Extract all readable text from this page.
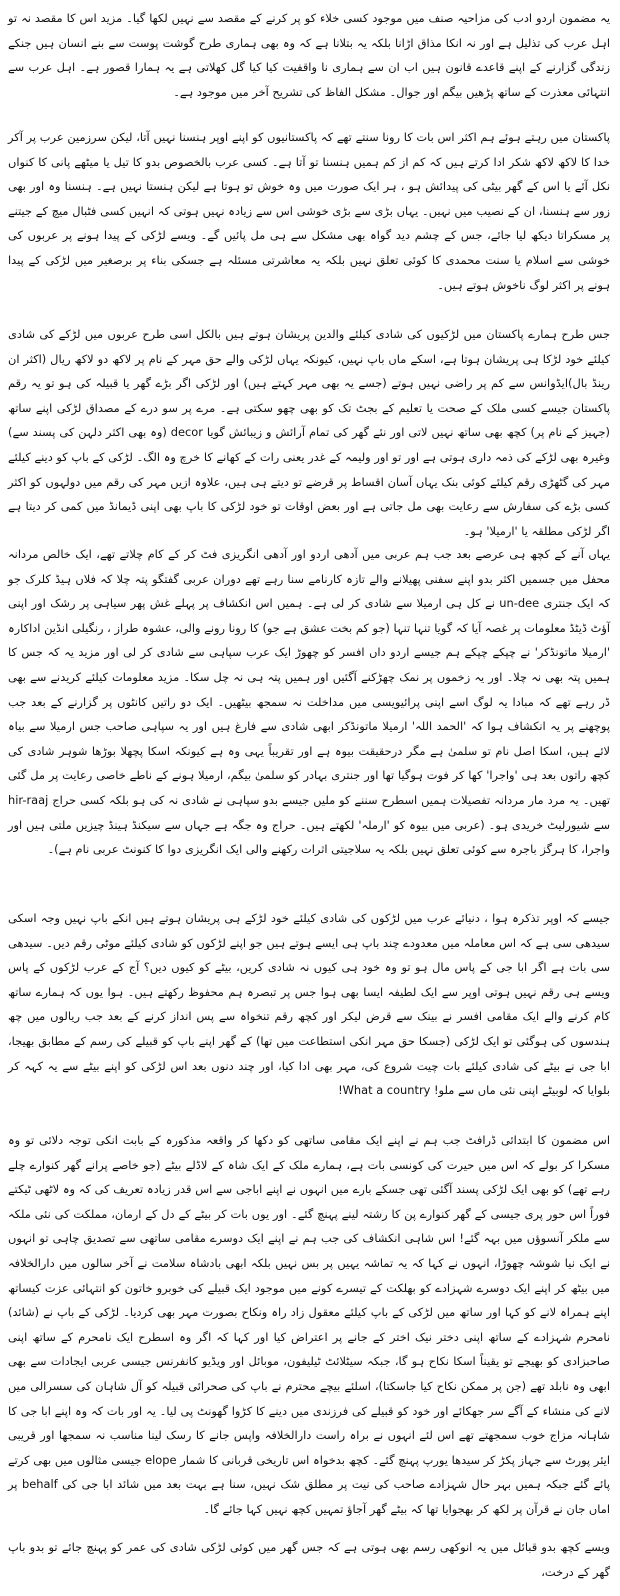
یہ مضمون اردو ادب کی مزاحیہ صنف میں موجود کسی خلاء کو پر کرنے کے مقصد سے نہیں لکھا گیا۔ مزید اس کا مقصد نہ تو اہل عرب کی تذلیل ہے اور نہ انکا مذاق اڑانا بلکہ یہ بتلانا ہے کہ وہ بھی ہماری طرح گوشت پوست سے بنے انسان ہیں جنکے زندگی گزارنے کے اپنے قاعدے قانون ہیں اب ان سے ہماری نا واقفیت کیا کیا گل کھلاتی ہے یہ ہمارا قصور ہے۔ اہل عرب سے انتہائی معذرت کے ساتھ پڑھیں بیگم اور جوال۔ مشکل الفاظ کی تشریح آخر میں موجود ہے۔

پاکستان میں رہتے ہوئے ہم اکثر اس بات کا رونا سنتے تھے کہ پاکستانیوں کو اپنے اوپر ہنسنا نہیں آتا، لیکن سرزمین عرب پر آکر خدا کا لاکھ لاکھ شکر ادا کرتے ہیں کہ کم از کم ہمیں ہنسنا تو آتا ہے۔ کسی عرب بالخصوص بدو کا تیل یا میٹھے پانی کا کنواں نکل آئے یا اس کے گھر بیٹی کی پیدائش ہو ، ہر ایک صورت میں وہ خوش تو ہوتا ہے لیکن ہنستا نہیں ہے۔ ہنسنا وہ اور بھی زور سے ہنسنا، ان کے نصیب میں نہیں۔ یہاں بڑی سے بڑی خوشی اس سے زیادہ نہیں ہوتی کہ انہیں کسی فٹبال میچ کے جیتنے پر مسکراتا دیکھ لیا جائے، جس کے چشم دید گواہ بھی مشکل سے ہی مل پائیں گے۔ ویسے لڑکی کے پیدا ہونے پر عربوں کی خوشی سے اسلام یا سنت محمدی کا کوئی تعلق نہیں بلکہ یہ معاشرتی مسئلہ ہے جسکی بناء پر برصغیر میں لڑکی کے پیدا ہونے پر اکثر لوگ ناخوش ہوتے ہیں۔

جس طرح ہمارے پاکستان میں لڑکیوں کی شادی کیلئے والدین پریشان ہوتے ہیں بالکل اسی طرح عربوں میں لڑکے کی شادی کیلئے خود لڑکا ہی پریشان ہوتا ہے، اسکے ماں باپ نہیں، کیونکہ یہاں لڑکی والے حق مہر کے نام پر لاکھ دو لاکھ ریال (اکثر ان رینڈ بال)ایڈوانس سے کم پر راضی نہیں ہوتے (جسے یہ بھی مہر کہتے ہیں) اور لڑکی اگر بڑے گھر یا قبیلہ کی ہو تو یہ رقم پاکستان جیسے کسی ملک کے صحت یا تعلیم کے بجٹ تک کو بھی چھو سکتی ہے۔ مرے پر سو درے کے مصداق لڑکی اپنے ساتھ (جہیز کے نام پر) کچھ بھی ساتھ نہیں لاتی اور نئے گھر کی تمام آرائش و زیبائش گویا decor (وہ بھی اکثر دلہن کی پسند سے) وغیرہ بھی لڑکے کی ذمہ داری ہوتی ہے اور تو اور ولیمہ کے غدر یعنی رات کے کھانے کا خرچ وہ الگ۔ لڑکی کے باپ کو دینے کیلئے مہر کی گٹھڑی رقم کیلئے کوئی بنک یہاں آسان اقساط پر قرضے تو دیتے ہی ہیں، علاوہ ازیں مہر کی رقم میں دولہوں کو اکثر کسی بڑے کی سفارش سے رعایت بھی مل جاتی ہے اور بعض اوقات تو خود لڑکی کا باپ بھی اپنی ڈیمانڈ میں کمی کر دیتا ہے اگر لڑکی مطلقہ یا 'ارمیلا' ہو۔

یہاں آنے کے کچھ ہی عرصے بعد جب ہم عربی میں آدھی اردو اور آدھی انگریزی فٹ کر کے کام چلاتے تھے، ایک خالص مردانہ محفل میں جسمیں اکثر بدو اپنے سفنی پھیلانے والے تازہ کارنامے سنا رہے تھے دوران عربی گفتگو پتہ چلا کہ فلاں ہیڈ کلرک جو کہ ایک جنتری un-dee نے کل ہی ارمیلا سے شادی کر لی ہے۔ ہمیں اس انکشاف پر پہلے غش پھر سیاہی پر رشک اور اپنی آؤٹ ڈیٹڈ معلومات پر غصہ آیا کہ گویا تنہا تنہا (جو کم بخت عشق ہے جو) کا رونا رونے والی، عشوہ طراز ، رنگیلی انڈین اداکارہ 'ارمیلا ماتونڈکر' نے چپکے چپکے ہم جیسے اردو داں افسر کو چھوڑ ایک عرب سپاہی سے شادی کر لی اور مزید یہ کہ جس کا ہمیں پتہ بھی نہ چلا۔ اور یہ زخموں پر نمک چھڑکنے آگئیں اور ہمیں پتہ ہی نہ چل سکا۔ مزید معلومات کیلئے کریدنے سے بھی ڈر رہے تھے کہ مبادا یہ لوگ اسے اپنی پرائیویسی میں مداخلت نہ سمجھ بیٹھیں۔ ایک دو راتیں کانٹوں پر گزارنے کے بعد جب پوچھنے پر یہ انکشاف ہوا کہ 'الحمد اللہ' ارمیلا ماتونڈکر ابھی شادی سے فارغ ہیں اور یہ سپاہی صاحب جس ارمیلا سے بیاہ لائے ہیں، اسکا اصل نام تو سلمیٰ ہے مگر درحقیقت بیوہ ہے اور تقریباً یہی وہ ہے کیونکہ اسکا پچھلا بوڑھا شوہر شادی کی کچھ راتوں بعد ہی 'واجرا' کھا کر فوت ہوگیا تھا اور جنتری بہادر کو سلمیٰ بیگم، ارمیلا ہونے کے ناطے خاصی رعایت پر مل گئی تھیں۔ یہ مرد مار مردانہ تفصیلات ہمیں اسطرح سننے کو ملیں جیسے بدو سپاہی نے شادی نہ کی ہو بلکہ کسی حراج hir-raaj سے شیورلیٹ خریدی ہو۔ (عربی میں بیوہ کو 'ارملہ' لکھتے ہیں۔ حراج وہ جگہ ہے جہاں سے سیکنڈ ہینڈ چیزیں ملتی ہیں اور واجرا، کا ہرگز باجرہ سے کوئی تعلق نہیں بلکہ یہ سلاجیتی اثرات رکھنے والی ایک انگریزی دوا کا کنونٹ عربی نام ہے)۔

جیسے کہ اوپر تذکرہ ہوا ، دنیائے عرب میں لڑکوں کی شادی کیلئے خود لڑکے ہی پریشان ہوتے ہیں انکے باپ نہیں وجہ اسکی سیدھی سی ہے کہ اس معاملہ میں معدودے چند باپ ہی ایسے ہوتے ہیں جو اپنے لڑکوں کو شادی کیلئے موٹی رقم دیں۔ سیدھی سی بات ہے اگر ابا جی کے پاس مال ہو تو وہ خود ہی کیوں نہ شادی کریں، بیٹے کو کیوں دیں؟ آج کے عرب لڑکوں کے پاس ویسے ہی رقم نہیں ہوتی اوپر سے ایک لطیفہ ایسا بھی ہوا جس پر تبصرہ ہم محفوظ رکھتے ہیں۔ ہوا یوں کہ ہمارے ساتھ کام کرنے والے ایک مقامی افسر نے بینک سے قرض لیکر اور کچھ رقم تنخواہ سے پس انداز کرنے کے بعد جب ریالوں میں چھ ہندسوں کی ہوگئی تو ایک لڑکی (جسکا حق مہر انکی استطاعت میں تھا) کے گھر اپنے باپ کو قبیلے کی رسم کے مطابق بھیجا، ابا جی نے بیٹے کی شادی کیلئے بات چیت شروع کی، مہر بھی ادا کیا، اور چند دنوں بعد اس لڑکی کو اپنے بیٹے سے یہ کہہ کر بلوایا کہ لوبیٹے اپنی نئی ماں سے ملو! What a country!

اس مضمون کا ابتدائی ڈرافٹ جب ہم نے اپنے ایک مقامی ساتھی کو دکھا کر واقعہ مذکورہ کے بابت انکی توجہ دلائی تو وہ مسکرا کر بولے کہ اس میں حیرت کی کونسی بات ہے، ہمارے ملک کے ایک شاہ کے لاڈلے بیٹے (جو خاصے پرانے گھر کنوارے چلے رہے تھے) کو بھی ایک لڑکی پسند آگئی تھی جسکے بارے میں انہوں نے اپنے اباجی سے اس قدر زیادہ تعریف کی کہ وہ لاٹھی ٹیکتے فوراً اس حور پری جیسی کے گھر کنوارے پن کا رشتہ لینے پہنچ گئے۔ اور یوں بات کر بیٹے کے دل کے ارمان، مملکت کی نئی ملکہ سے ملکر آنسوؤں میں بہہ گئے! اس شاہی انکشاف کی جب ہم نے اپنے ایک دوسرے مقامی ساتھی سے تصدیق چاہی تو انہوں نے ایک نیا شوشہ چھوڑا، انہوں نے کہا کہ یہ تماشہ یہیں پر بس نہیں بلکہ ابھی بادشاہ سلامت نے آخر سالوں میں دارالخلافہ میں بیٹھ کر اپنے ایک دوسرے شہزادے کو بھلکت کے تیسرے کونے میں موجود ایک قبیلے کی خوبرو خاتون کو انتہائی عزت کیساتھ اپنے ہمراہ لانے کو کہا اور ساتھ میں لڑکی کے باپ کیلئے معقول زاد راہ ونکاح بصورت مہر بھی کردیا۔ لڑکی کے باپ نے (شائد) نامحرم شہزادے کے ساتھ اپنی دختر نیک اختر کے جانے پر اعتراض کیا اور کہا کہ اگر وہ اسطرح ایک نامحرم کے ساتھ اپنی صاحبزادی کو بھیجے تو یقیناً اسکا نکاح ہو گا، جبکہ سیٹلائٹ ٹیلیفون، موبائل اور ویڈیو کانفرنس جیسی عربی ایجادات سے بھی ابھی وہ نابلد تھے (جن پر ممکن نکاح کیا جاسکتا)، اسلئے بیچے محترم نے باپ کی صحرائی قبیلہ کو آل شاہان کی سسرالی میں لانے کی منشاء کے آگے سر جھکائے اور خود کو قبیلے کی فرزندی میں دینے کا کڑوا گھونٹ پی لیا۔ یہ اور بات کہ وہ اپنے ابا جی کا شاہانہ مزاج خوب سمجھتے تھے اس لئے انہوں نے براہ راست دارالخلافہ واپس جانے کا رسک لینا مناسب نہ سمجھا اور قریبی ایئر پورٹ سے جہاز پکڑ کر سیدھا یورپ پہنچ گئے۔ کچھ بدخواہ اس تاریخی قربانی کا شمار elope جیسی مثالوں میں بھی کرتے پائے گئے جبکہ ہمیں بہر حال شہزادے صاحب کی نیت پر مطلق شک نہیں، سنا ہے بہت بعد میں شائد ابا جی کی behalf پر اماں جان نے قرآن پر لکھ کر بھجوایا تھا کہ بیٹے گھر آجاؤ تمہیں کچھ نہیں کہا جائے گا۔

ویسے کچھ بدو قبائل میں یہ انوکھی رسم بھی ہوتی ہے کہ جس گھر میں کوئی لڑکی شادی کی عمر کو پہنچ جائے تو بدو باپ گھر کے درخت،
